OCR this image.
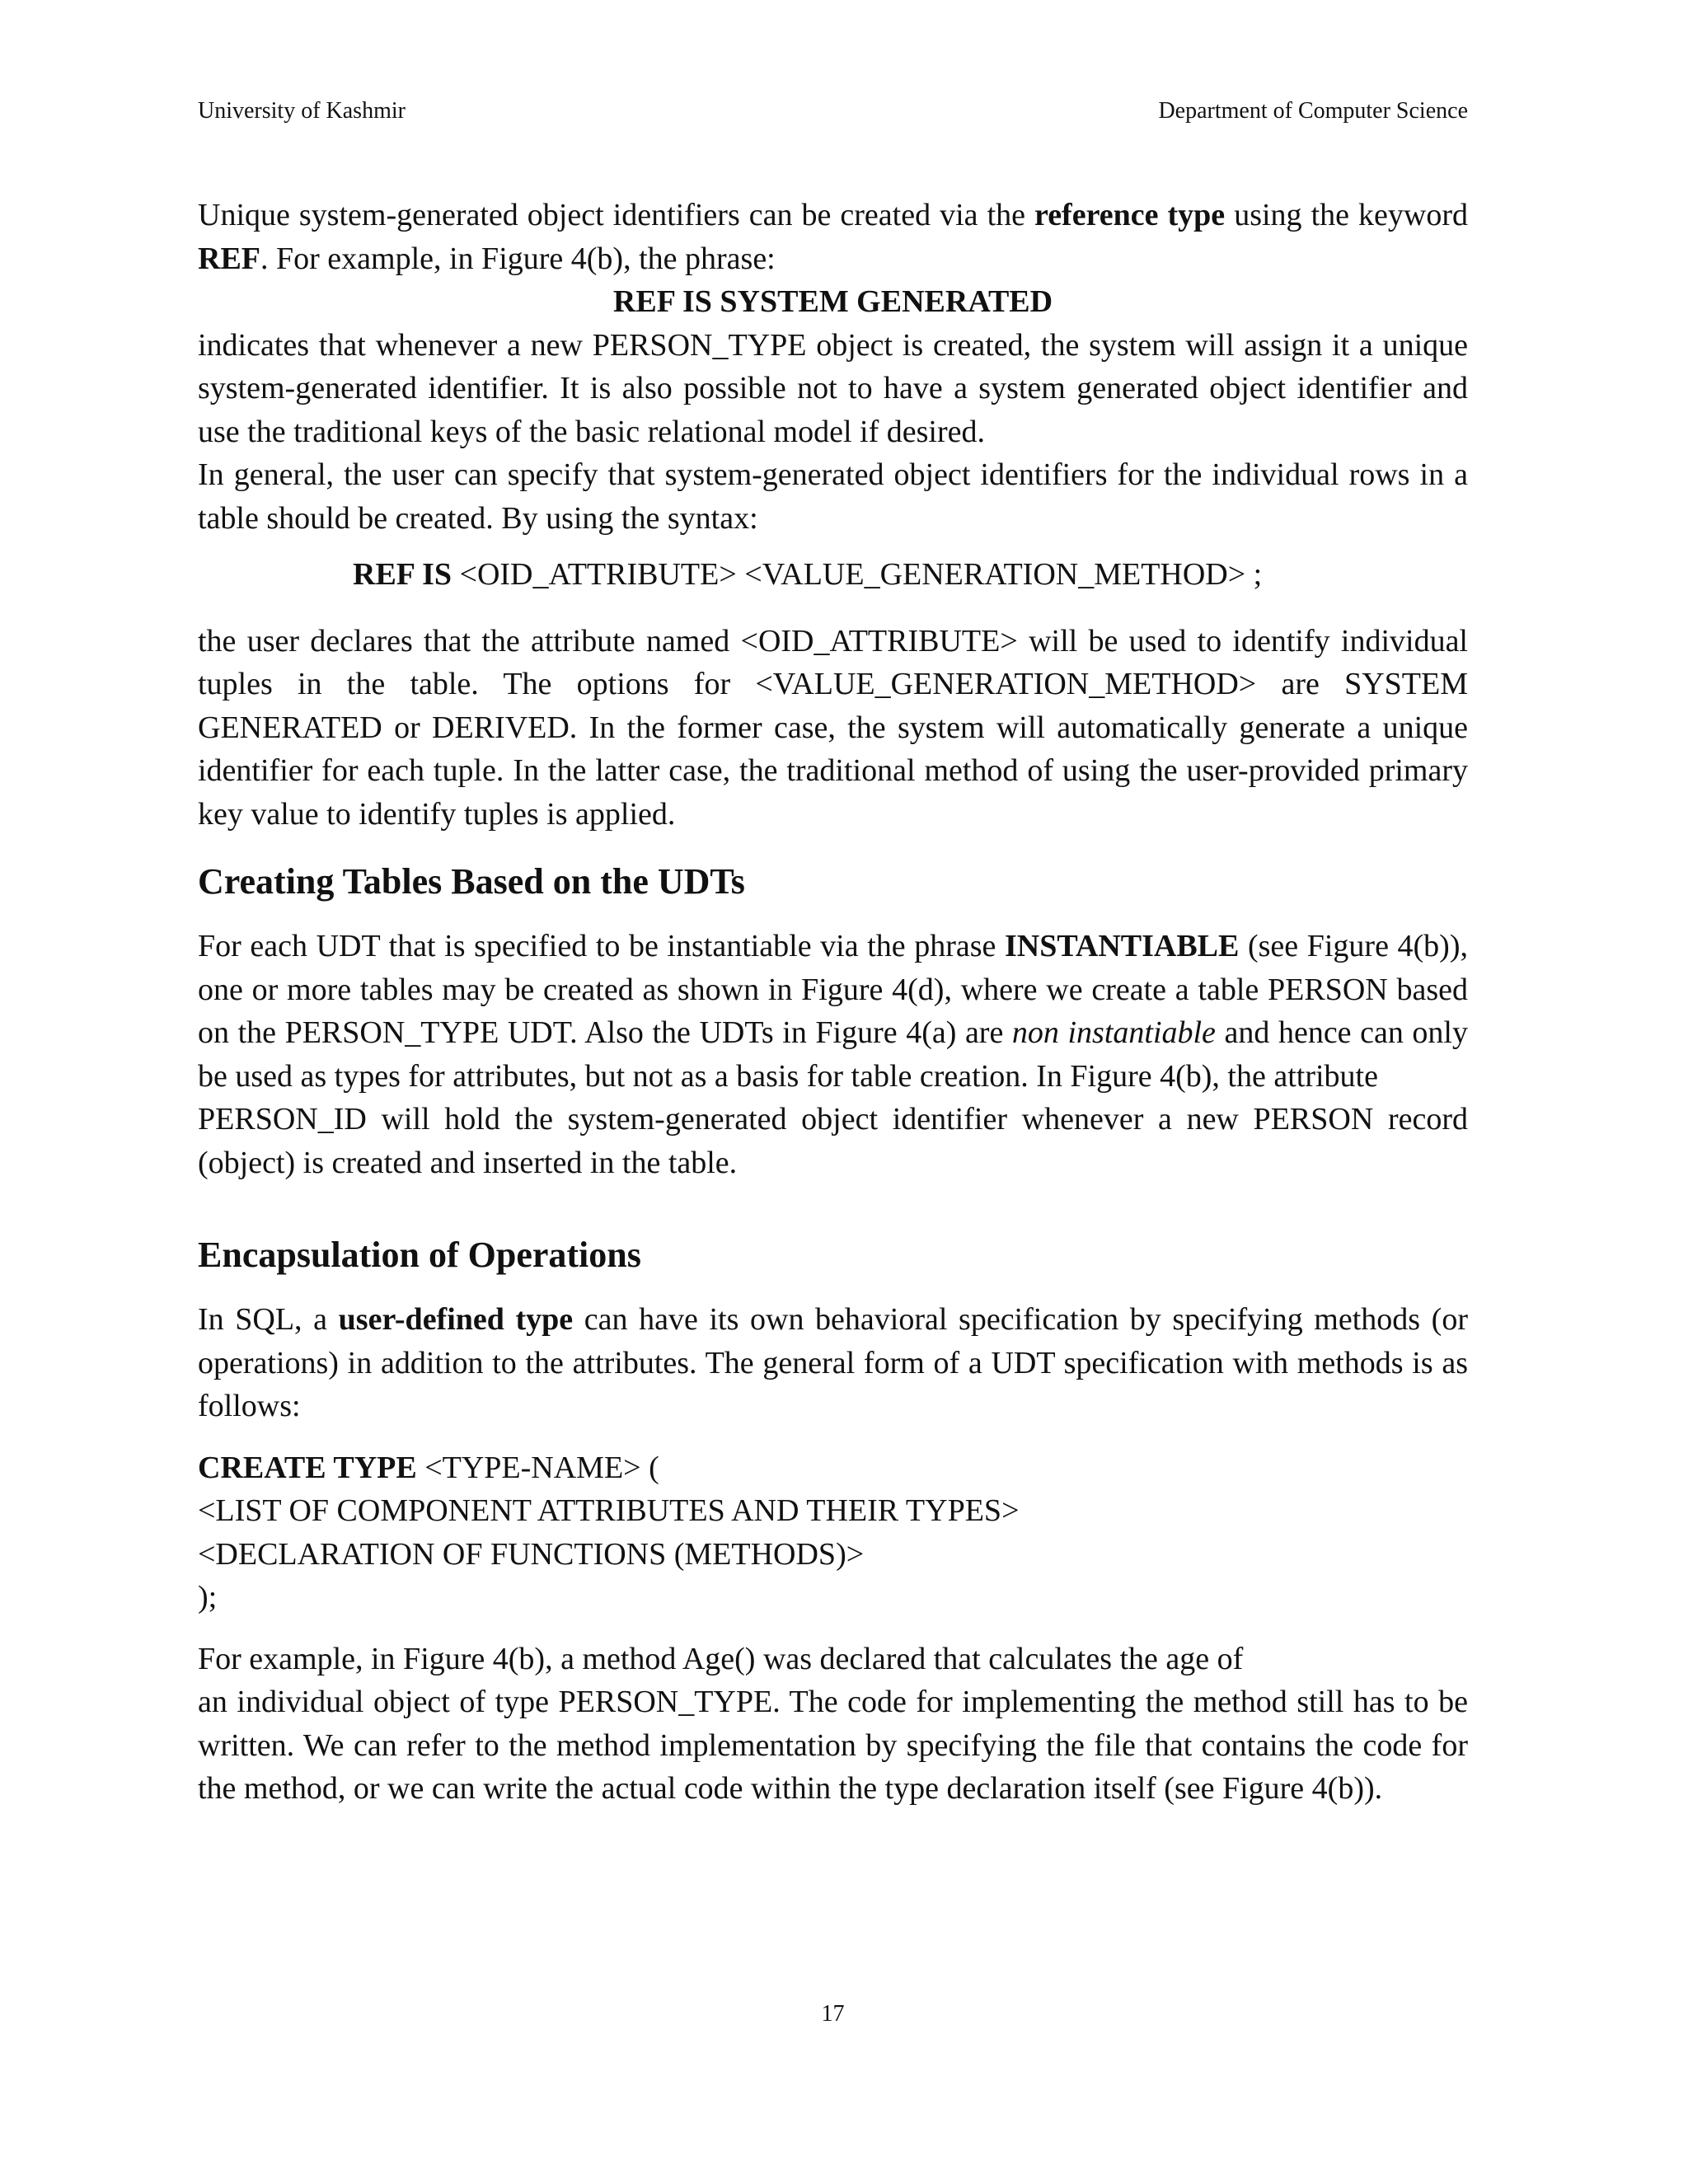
University of Kashmir	Department of Computer Science

Unique system-generated object identifiers can be created via the reference type using the keyword REF. For example, in Figure 4(b), the phrase:

REF IS SYSTEM GENERATED

indicates that whenever a new PERSON_TYPE object is created, the system will assign it a unique system-generated identifier. It is also possible not to have a system generated object identifier and use the traditional keys of the basic relational model if desired.

In general, the user can specify that system-generated object identifiers for the individual rows in a table should be created. By using the syntax:

REF IS <OID_ATTRIBUTE> <VALUE_GENERATION_METHOD> ;

the user declares that the attribute named <OID_ATTRIBUTE> will be used to identify individual tuples in the table. The options for <VALUE_GENERATION_METHOD> are SYSTEM GENERATED or DERIVED. In the former case, the system will automatically generate a unique identifier for each tuple. In the latter case, the traditional method of using the user-provided primary key value to identify tuples is applied.

Creating Tables Based on the UDTs

For each UDT that is specified to be instantiable via the phrase INSTANTIABLE (see Figure 4(b)), one or more tables may be created as shown in Figure 4(d), where we create a table PERSON based on the PERSON_TYPE UDT. Also the UDTs in Figure 4(a) are non instantiable and hence can only be used as types for attributes, but not as a basis for table creation. In Figure 4(b), the attribute

PERSON_ID will hold the system-generated object identifier whenever a new PERSON record (object) is created and inserted in the table.

Encapsulation of Operations

In SQL, a user-defined type can have its own behavioral specification by specifying methods (or operations) in addition to the attributes. The general form of a UDT specification with methods is as follows:

CREATE TYPE <TYPE-NAME> (
<LIST OF COMPONENT ATTRIBUTES AND THEIR TYPES>
<DECLARATION OF FUNCTIONS (METHODS)>
);

For example, in Figure 4(b), a method Age() was declared that calculates the age of

an individual object of type PERSON_TYPE. The code for implementing the method still has to be written. We can refer to the method implementation by specifying the file that contains the code for the method, or we can write the actual code within the type declaration itself (see Figure 4(b)).

17
